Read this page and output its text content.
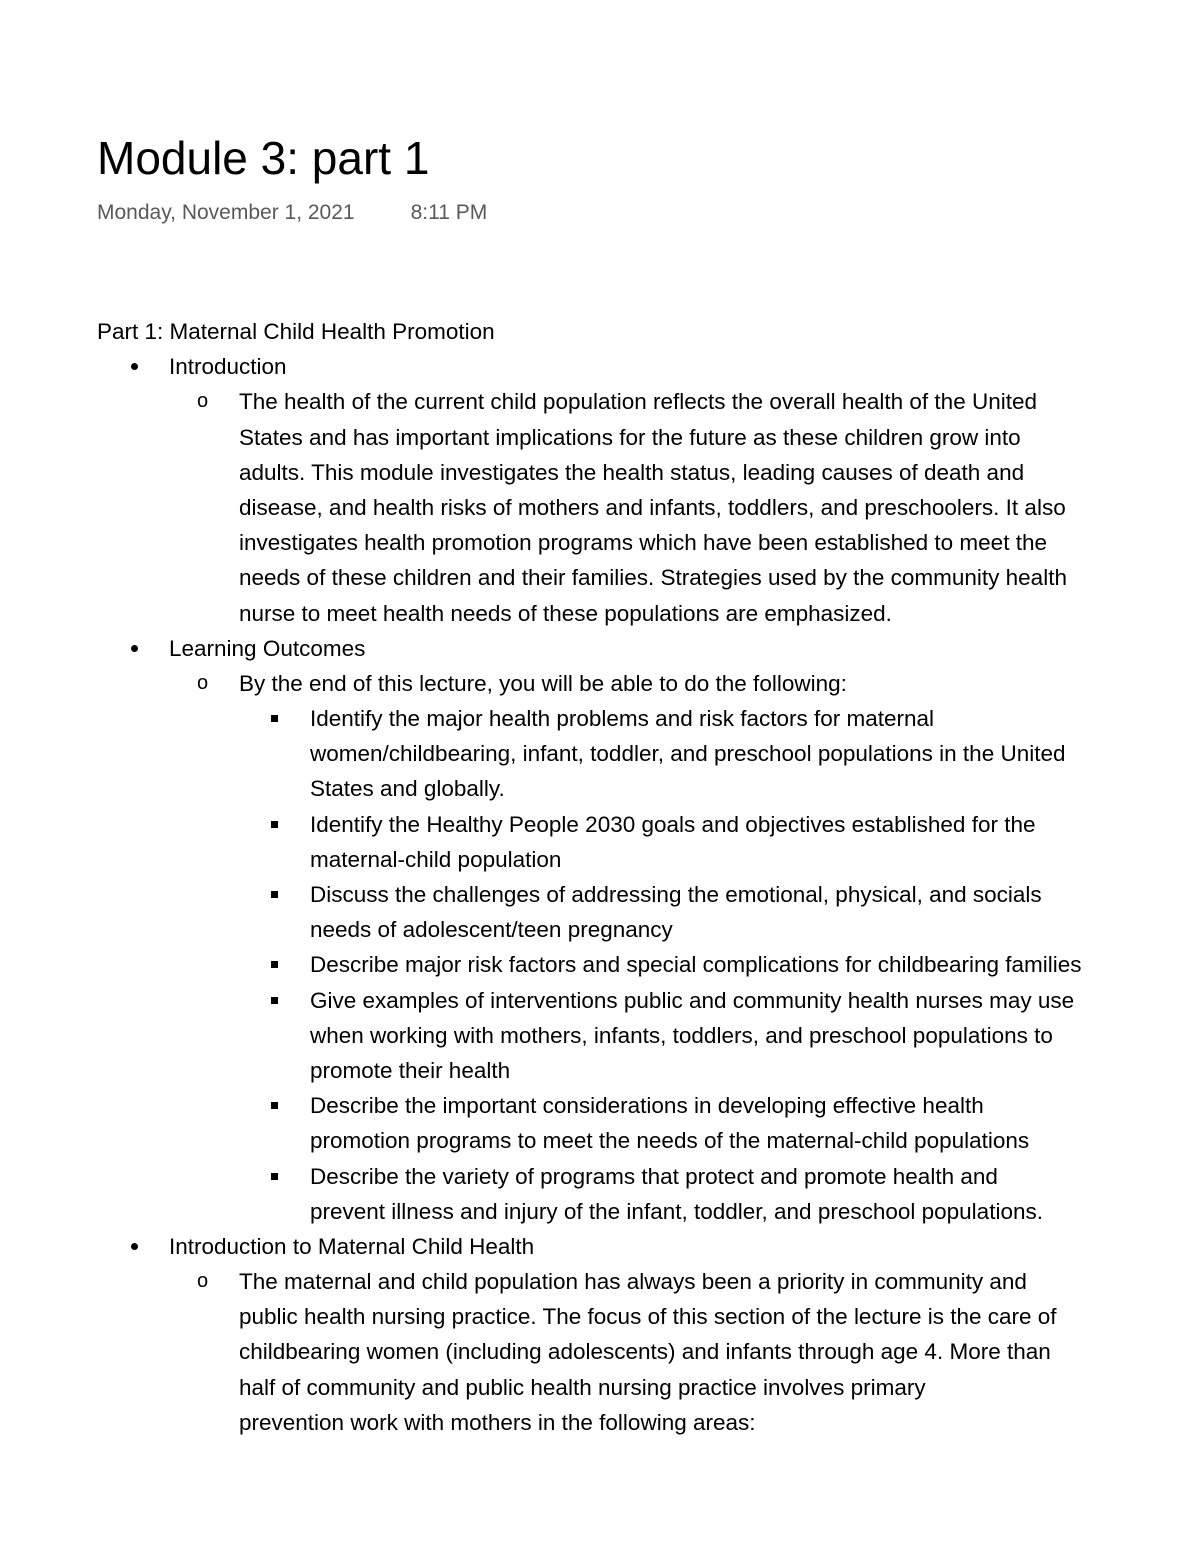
Module 3: part 1
Monday, November 1, 2021	8:11 PM
Part 1: Maternal Child Health Promotion
Introduction
o The health of the current child population reflects the overall health of the United
States and has important implications for the future as these children grow into
adults. This module investigates the health status, leading causes of death and
disease, and health risks of mothers and infants, toddlers, and preschoolers. It also
investigates health promotion programs which have been established to meet the
needs of these children and their families. Strategies used by the community health
nurse to meet health needs of these populations are emphasized.
Learning Outcomes
o By the end of this lecture, you will be able to do the following:
Identify the major health problems and risk factors for maternal
women/childbearing, infant, toddler, and preschool populations in the United
States and globally.
Identify the Healthy People 2030 goals and objectives established for the
maternal-child population
Discuss the challenges of addressing the emotional, physical, and socials
needs of adolescent/teen pregnancy
Describe major risk factors and special complications for childbearing families
Give examples of interventions public and community health nurses may use
when working with mothers, infants, toddlers, and preschool populations to
promote their health
Describe the important considerations in developing effective health
promotion programs to meet the needs of the maternal-child populations
Describe the variety of programs that protect and promote health and
prevent illness and injury of the infant, toddler, and preschool populations.
Introduction to Maternal Child Health
o The maternal and child population has always been a priority in community and
public health nursing practice. The focus of this section of the lecture is the care of
childbearing women (including adolescents) and infants through age 4. More than
half of community and public health nursing practice involves primary
prevention work with mothers in the following areas:
